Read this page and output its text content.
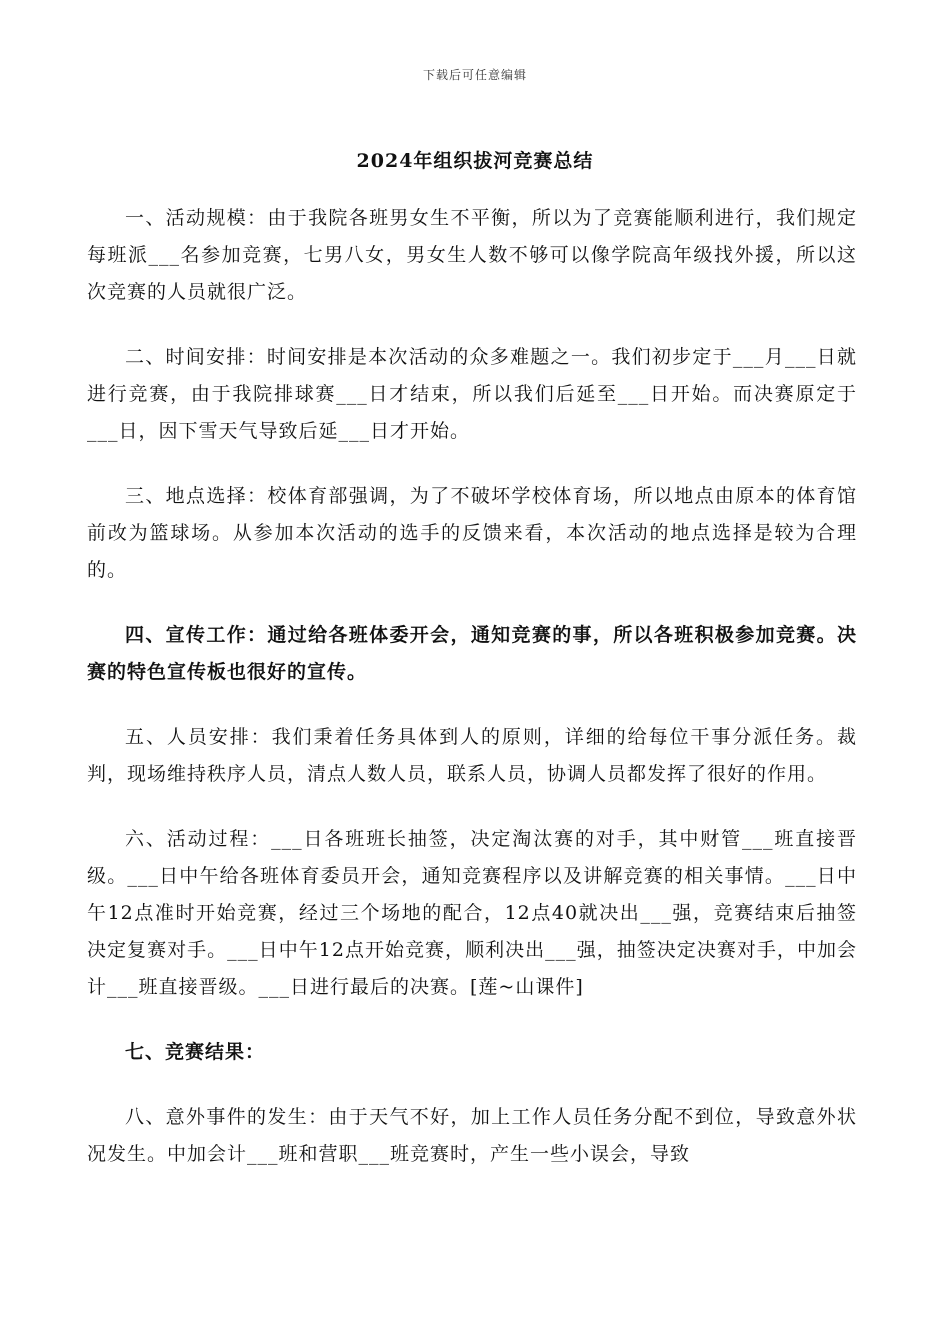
下载后可任意编辑
2024年组织拔河竞赛总结

一、活动规模：由于我院各班男女生不平衡，所以为了竞赛能顺利进行，我们规定每班派___名参加竞赛，七男八女，男女生人数不够可以像学院高年级找外援，所以这次竞赛的人员就很广泛。

二、时间安排：时间安排是本次活动的众多难题之一。我们初步定于___月___日就进行竞赛，由于我院排球赛___日才结束，所以我们后延至___日开始。而决赛原定于___日，因下雪天气导致后延___日才开始。

三、地点选择：校体育部强调，为了不破坏学校体育场，所以地点由原本的体育馆前改为篮球场。从参加本次活动的选手的反馈来看，本次活动的地点选择是较为合理的。

四、宣传工作：通过给各班体委开会，通知竞赛的事，所以各班积极参加竞赛。决赛的特色宣传板也很好的宣传。

五、人员安排：我们秉着任务具体到人的原则，详细的给每位干事分派任务。裁判，现场维持秩序人员，清点人数人员，联系人员，协调人员都发挥了很好的作用。

六、活动过程：___日各班班长抽签，决定淘汰赛的对手，其中财管___班直接晋级。___日中午给各班体育委员开会，通知竞赛程序以及讲解竞赛的相关事情。___日中午12点准时开始竞赛，经过三个场地的配合，12点40就决出___强，竞赛结束后抽签决定复赛对手。___日中午12点开始竞赛，顺利决出___强，抽签决定决赛对手，中加会计___班直接晋级。___日进行最后的决赛。[莲~山课件]

七、竞赛结果：

八、意外事件的发生：由于天气不好，加上工作人员任务分配不到位，导致意外状况发生。中加会计___班和营职___班竞赛时，产生一些小误会，导致
